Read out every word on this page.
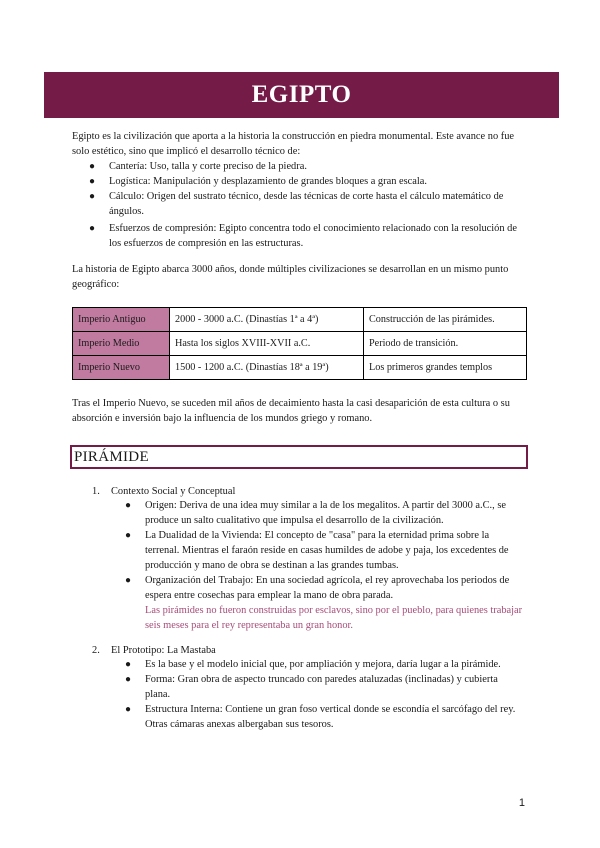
EGIPTO
Egipto es la civilización que aporta a la historia la construcción en piedra monumental. Este avance no fue solo estético, sino que implicó el desarrollo técnico de:
● Cantería: Uso, talla y corte preciso de la piedra.
● Logística: Manipulación y desplazamiento de grandes bloques a gran escala.
● Cálculo: Origen del sustrato técnico, desde las técnicas de corte hasta el cálculo matemático de ángulos.
● Esfuerzos de compresión: Egipto concentra todo el conocimiento relacionado con la resolución de los esfuerzos de compresión en las estructuras.
La historia de Egipto abarca 3000 años, donde múltiples civilizaciones se desarrollan en un mismo punto geográfico:
Imperio Antiguo	2000 - 3000 a.C. (Dinastías 1ª a 4ª)	Construcción de las pirámides.
Imperio Medio	Hasta los siglos XVIII-XVII a.C.	Periodo de transición.
Imperio Nuevo	1500 - 1200 a.C. (Dinastías 18ª a 19ª)	Los primeros grandes templos
Tras el Imperio Nuevo, se suceden mil años de decaimiento hasta la casi desaparición de esta cultura o su absorción e inversión bajo la influencia de los mundos griego y romano.
PIRÁMIDE
1. Contexto Social y Conceptual
● Origen: Deriva de una idea muy similar a la de los megalitos. A partir del 3000 a.C., se produce un salto cualitativo que impulsa el desarrollo de la civilización.
● La Dualidad de la Vivienda: El concepto de "casa" para la eternidad prima sobre la terrenal. Mientras el faraón reside en casas humildes de adobe y paja, los excedentes de producción y mano de obra se destinan a las grandes tumbas.
● Organización del Trabajo: En una sociedad agrícola, el rey aprovechaba los periodos de espera entre cosechas para emplear la mano de obra parada.
Las pirámides no fueron construidas por esclavos, sino por el pueblo, para quienes trabajar seis meses para el rey representaba un gran honor.
2. El Prototipo: La Mastaba
● Es la base y el modelo inicial que, por ampliación y mejora, daría lugar a la pirámide.
● Forma: Gran obra de aspecto truncado con paredes ataluzadas (inclinadas) y cubierta plana.
● Estructura Interna: Contiene un gran foso vertical donde se escondía el sarcófago del rey. Otras cámaras anexas albergaban sus tesoros.
1
